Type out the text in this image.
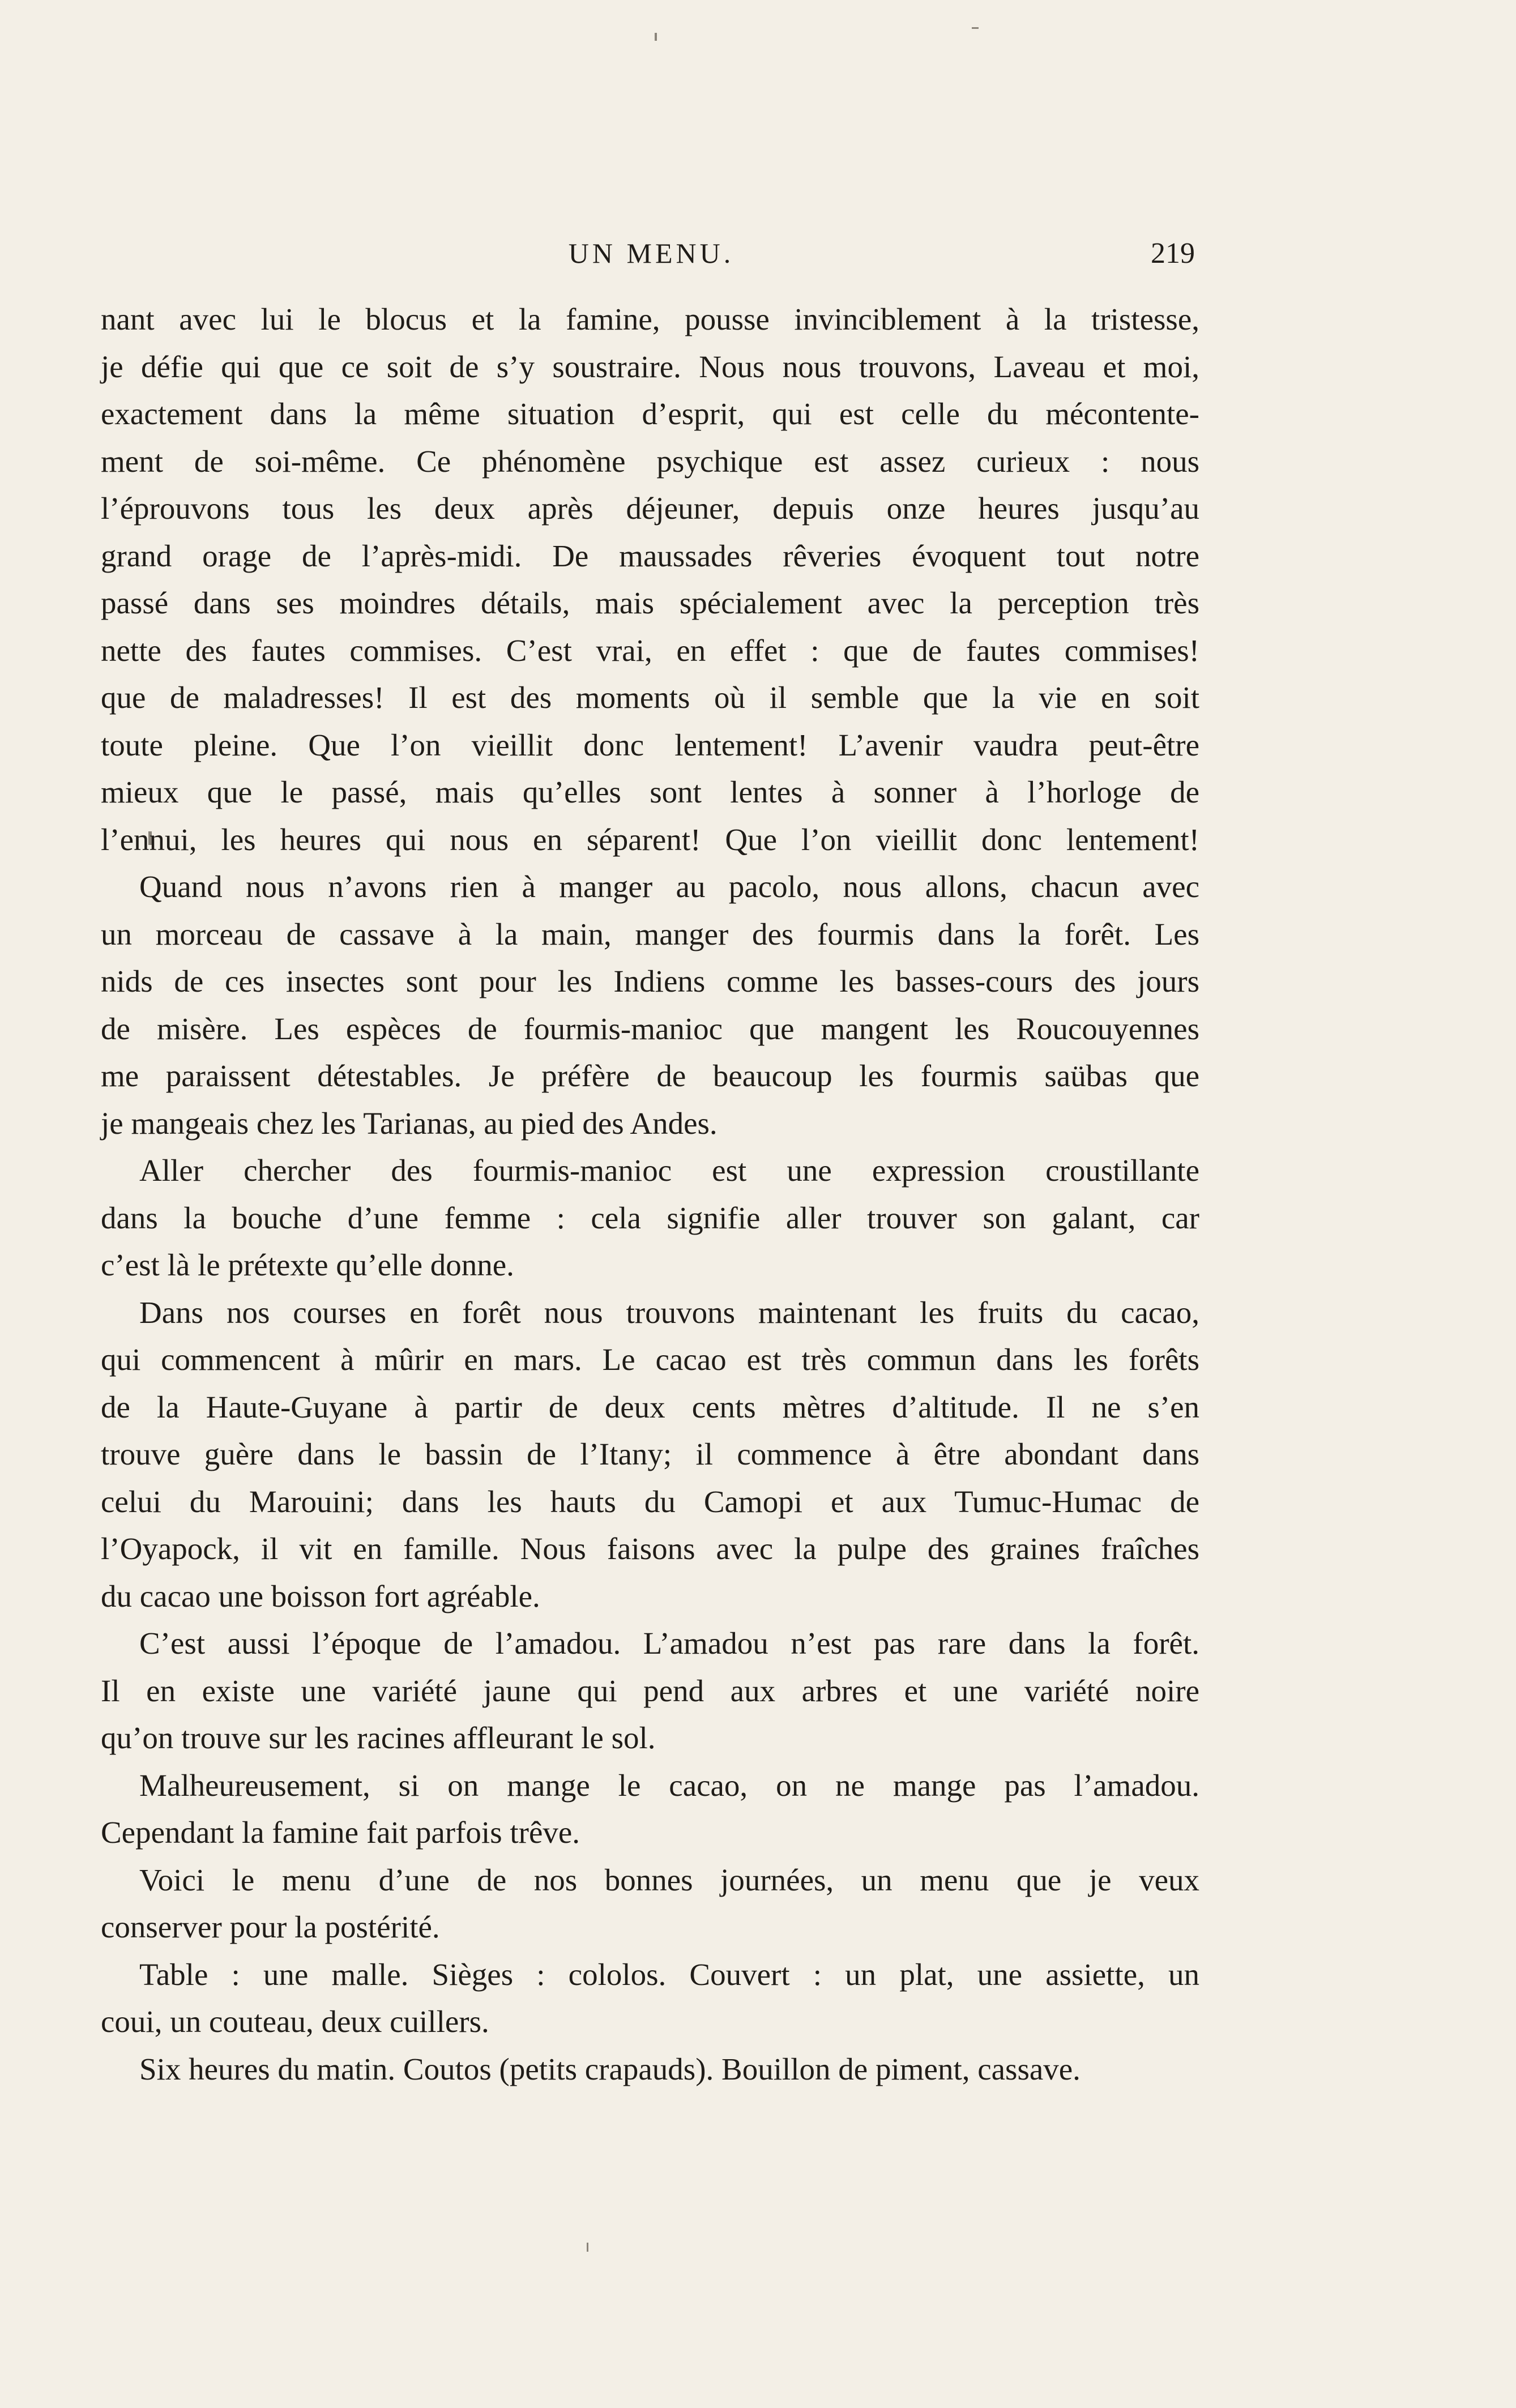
UN MENU.	219
nant avec lui le blocus et la famine, pousse invinciblement à la tristesse,
je défie qui que ce soit de s’y soustraire. Nous nous trouvons, Laveau et moi,
exactement dans la même situation d’esprit, qui est celle du mécontente-
ment de soi-même. Ce phénomène psychique est assez curieux : nous
l’éprouvons tous les deux après déjeuner, depuis onze heures jusqu’au
grand orage de l’après-midi. De maussades rêveries évoquent tout notre
passé dans ses moindres détails, mais spécialement avec la perception très
nette des fautes commises. C’est vrai, en effet : que de fautes commises!
que de maladresses! Il est des moments où il semble que la vie en soit
toute pleine. Que l’on vieillit donc lentement! L’avenir vaudra peut-être
mieux que le passé, mais qu’elles sont lentes à sonner à l’horloge de
l’ennui, les heures qui nous en séparent! Que l’on vieillit donc lentement!
Quand nous n’avons rien à manger au pacolo, nous allons, chacun avec
un morceau de cassave à la main, manger des fourmis dans la forêt. Les
nids de ces insectes sont pour les Indiens comme les basses-cours des jours
de misère. Les espèces de fourmis-manioc que mangent les Roucouyennes
me paraissent détestables. Je préfère de beaucoup les fourmis saübas que
je mangeais chez les Tarianas, au pied des Andes.
Aller chercher des fourmis-manioc est une expression croustillante
dans la bouche d’une femme : cela signifie aller trouver son galant, car
c’est là le prétexte qu’elle donne.
Dans nos courses en forêt nous trouvons maintenant les fruits du cacao,
qui commencent à mûrir en mars. Le cacao est très commun dans les forêts
de la Haute-Guyane à partir de deux cents mètres d’altitude. Il ne s’en
trouve guère dans le bassin de l’Itany; il commence à être abondant dans
celui du Marouini; dans les hauts du Camopi et aux Tumuc-Humac de
l’Oyapock, il vit en famille. Nous faisons avec la pulpe des graines fraîches
du cacao une boisson fort agréable.
C’est aussi l’époque de l’amadou. L’amadou n’est pas rare dans la forêt.
Il en existe une variété jaune qui pend aux arbres et une variété noire
qu’on trouve sur les racines affleurant le sol.
Malheureusement, si on mange le cacao, on ne mange pas l’amadou.
Cependant la famine fait parfois trêve.
Voici le menu d’une de nos bonnes journées, un menu que je veux
conserver pour la postérité.
Table : une malle. Sièges : cololos. Couvert : un plat, une assiette, un
coui, un couteau, deux cuillers.
Six heures du matin. Coutos (petits crapauds). Bouillon de piment, cassave.
